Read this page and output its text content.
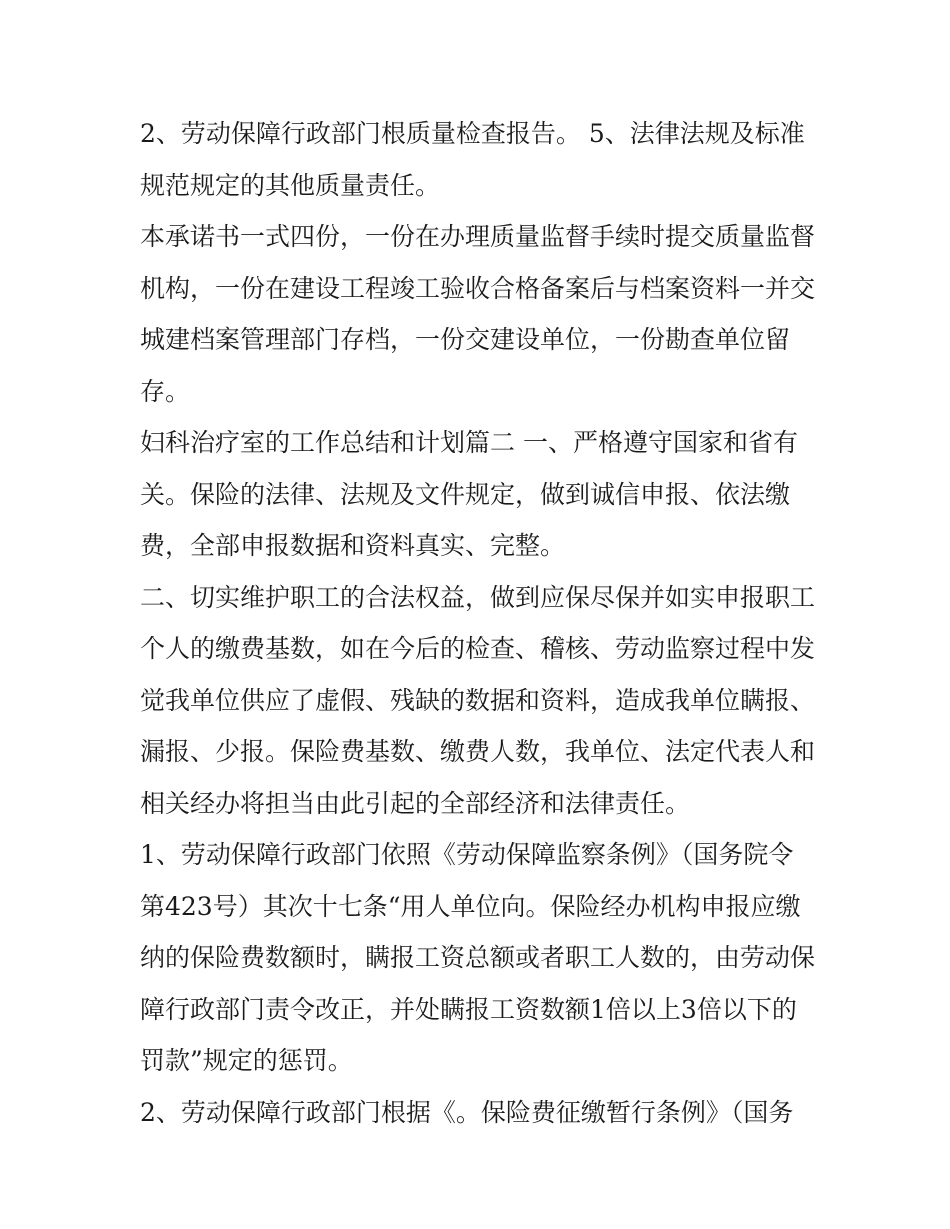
2、劳动保障行政部门根质量检查报告。 5、法律法规及标准
规范规定的其他质量责任。
本承诺书一式四份，一份在办理质量监督手续时提交质量监督
机构，一份在建设工程竣工验收合格备案后与档案资料一并交
城建档案管理部门存档，一份交建设单位，一份勘查单位留
存。
妇科治疗室的工作总结和计划篇二 一、严格遵守国家和省有
关。保险的法律、法规及文件规定，做到诚信申报、依法缴
费，全部申报数据和资料真实、完整。
二、切实维护职工的合法权益，做到应保尽保并如实申报职工
个人的缴费基数，如在今后的检查、稽核、劳动监察过程中发
觉我单位供应了虚假、残缺的数据和资料，造成我单位瞒报、
漏报、少报。保险费基数、缴费人数，我单位、法定代表人和
相关经办将担当由此引起的全部经济和法律责任。
1、劳动保障行政部门依照《劳动保障监察条例》（国务院令
第423号）其次十七条“用人单位向。保险经办机构申报应缴
纳的保险费数额时，瞒报工资总额或者职工人数的，由劳动保
障行政部门责令改正，并处瞒报工资数额1倍以上3倍以下的
罚款”规定的惩罚。
2、劳动保障行政部门根据《。保险费征缴暂行条例》（国务
